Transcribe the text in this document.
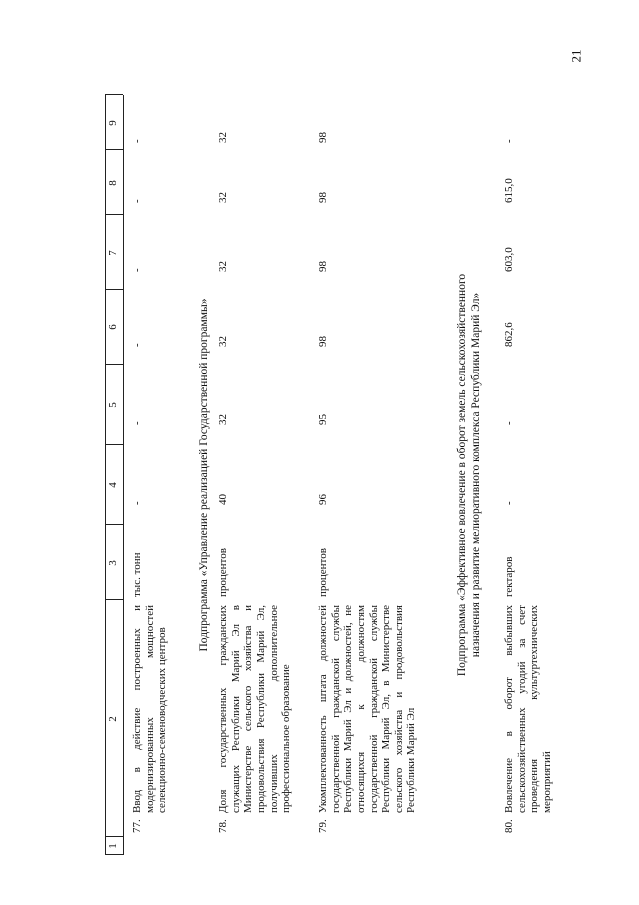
21
1
2
3
4
5
6
7
8
9
77.
Ввод в действие построенных и модернизированных мощностей селекционно-семеноводческих центров
тыс. тонн
-
-
-
-
-
-
Подпрограмма «Управление реализацией Государственной программы»
78.
Доля государственных гражданских служащих Республики Марий Эл в Министерстве сельского хозяйства и продовольствия Республики Марий Эл, получивших дополнительное профессиональное образование
процентов
40
32
32
32
32
32
79.
Укомплектованность штата должностей государственной гражданской службы Республики Марий Эл и должностей, не относящихся к должностям государственной гражданской службы Республики Марий Эл, в Министерстве сельского хозяйства и продовольствия Республики Марий Эл
процентов
96
95
98
98
98
98
Подпрограмма «Эффективное вовлечение в оборот земель сельскохозяйственного назначения и развитие мелиоративного комплекса Республики Марий Эл»
80.
Вовлечение в оборот выбывших сельскохозяйственных угодий за счет проведения культуртехнических мероприятий
гектаров
-
-
862,6
603,0
615,0
-
